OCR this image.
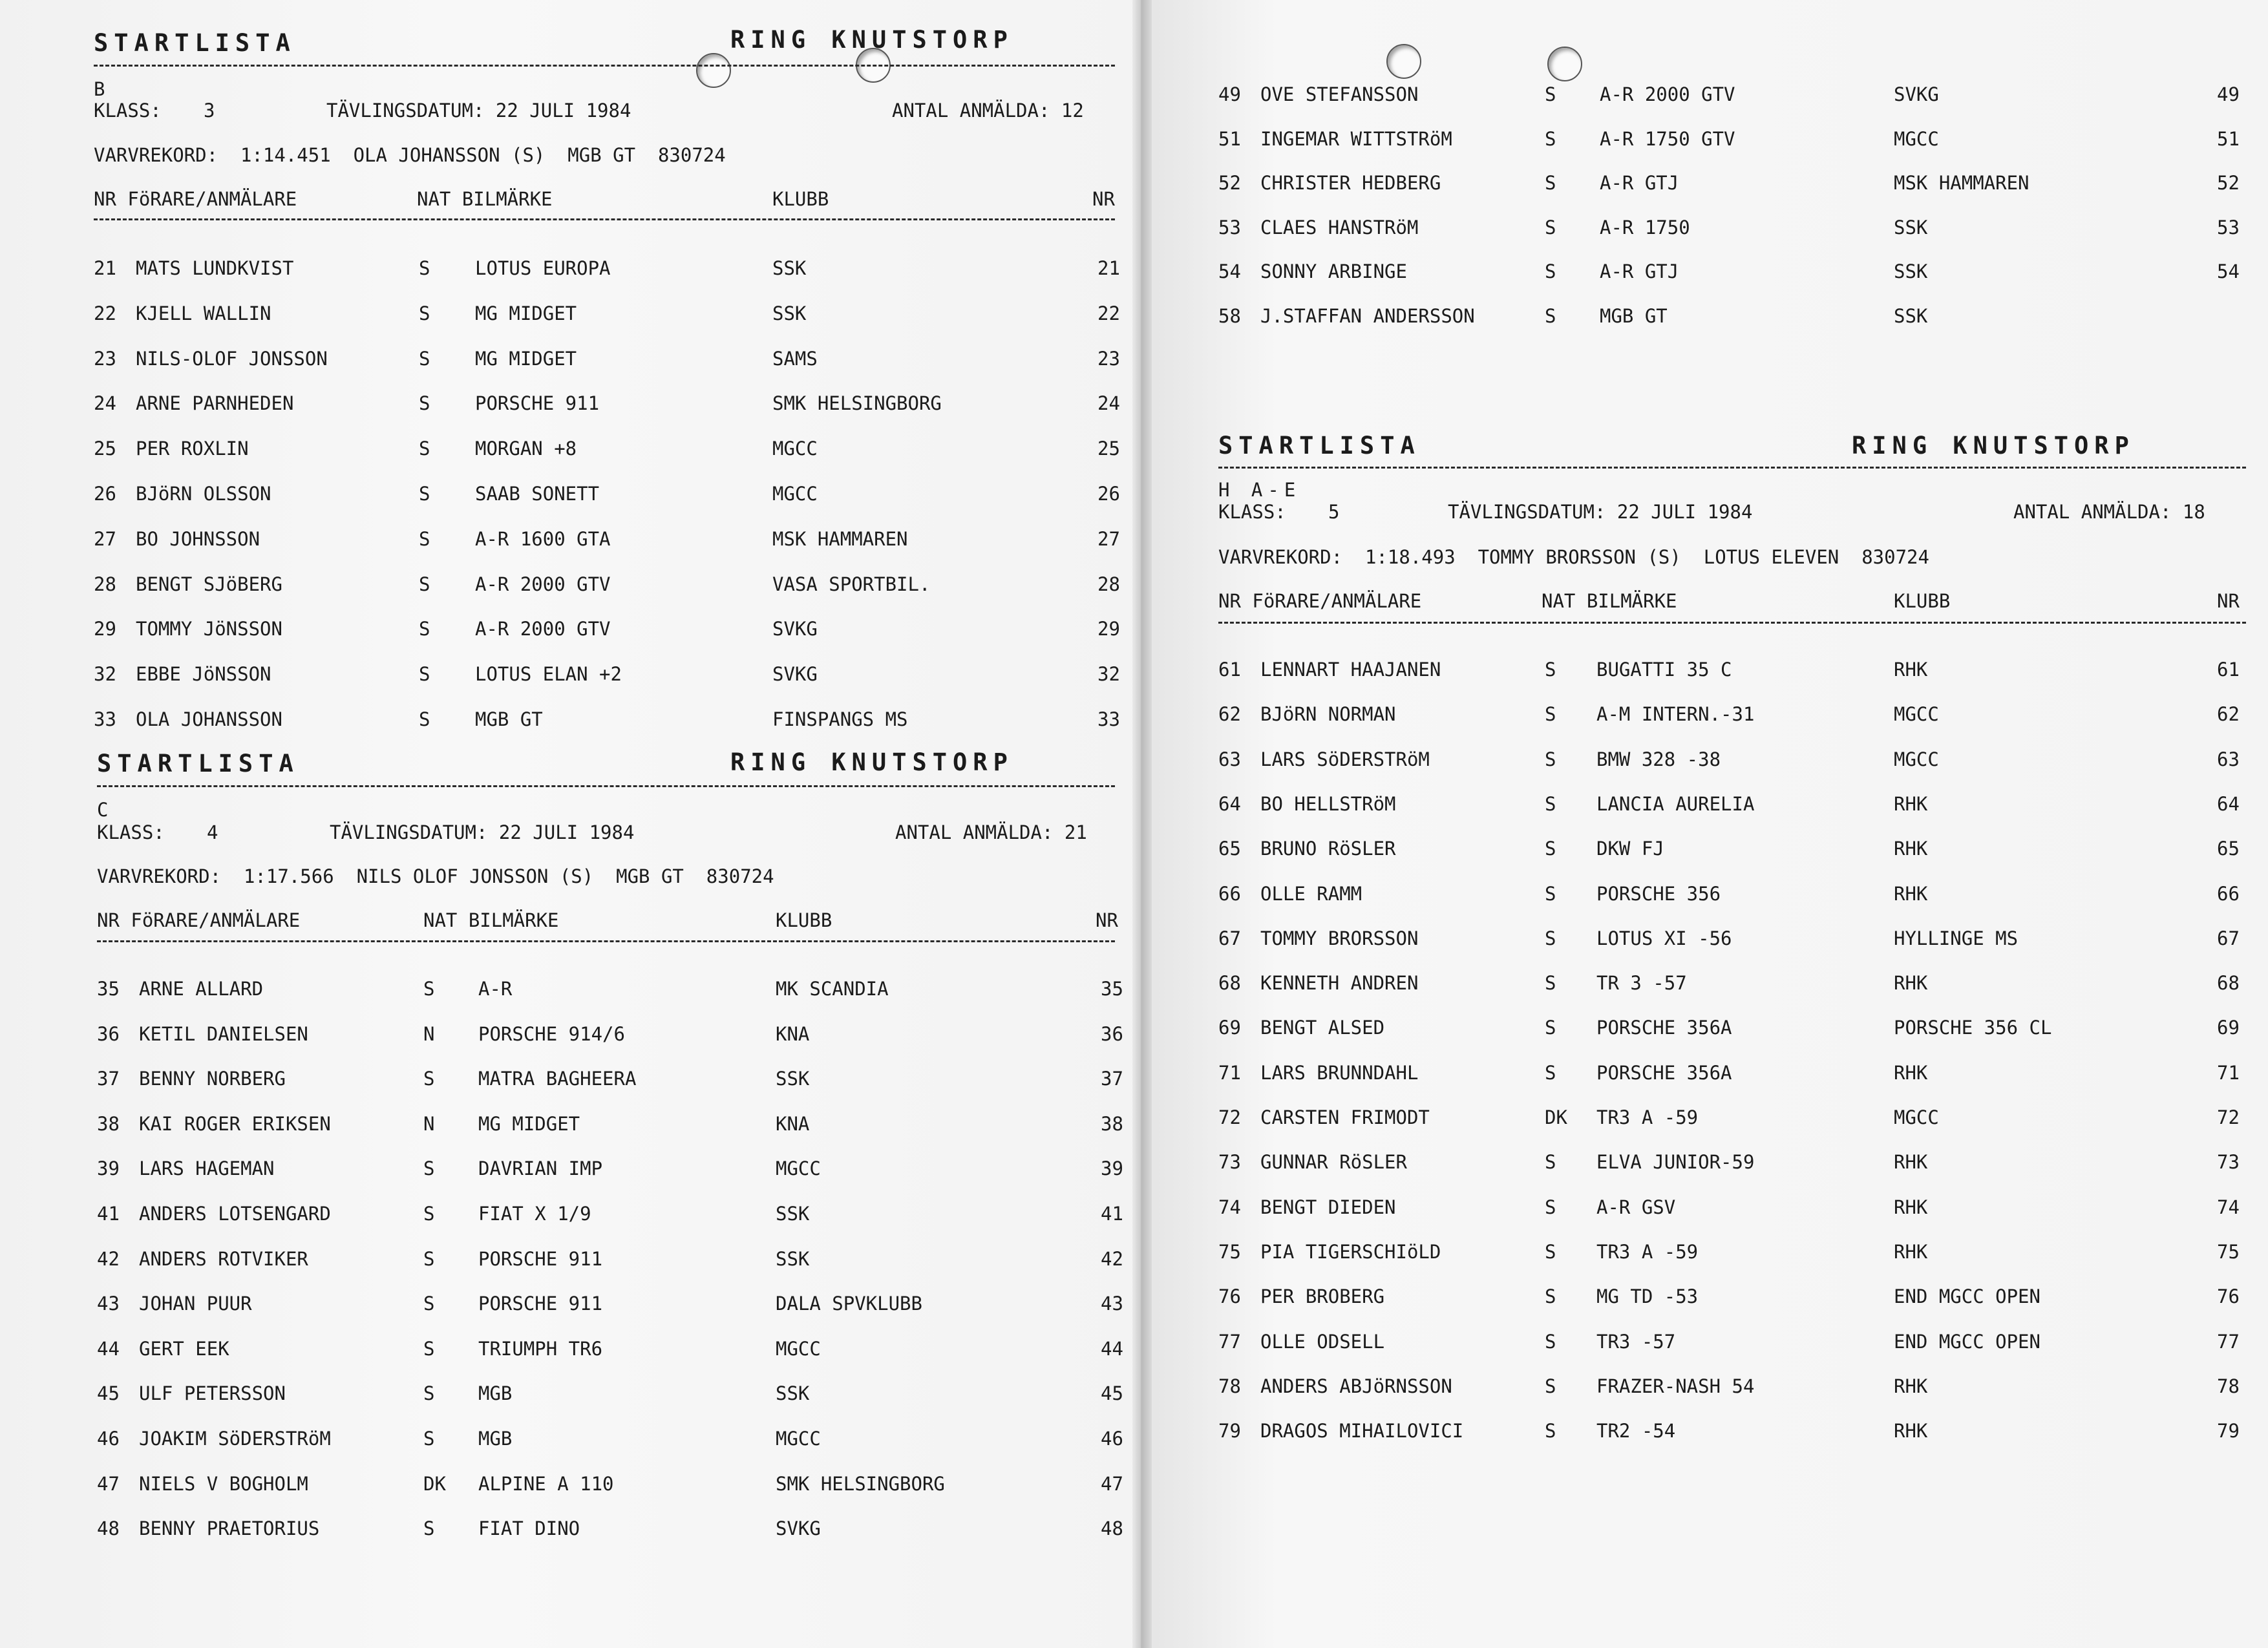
STARTLISTA	RING KNUTSTORP
B
KLASS: 3	TÄVLINGSDATUM: 22 JULI 1984	ANTAL ANMÄLDA: 12
VARVREKORD:  1:14.451  OLA JOHANSSON (S)  MGB GT  830724
NR FöRARE/ANMÄLARE	NAT BILMÄRKE	KLUBB	NR
21 MATS LUNDKVIST	S LOTUS EUROPA	SSK	21
22 KJELL WALLIN	S MG MIDGET	SSK	22
23 NILS-OLOF JONSSON	S MG MIDGET	SAMS	23
24 ARNE PARNHEDEN	S PORSCHE 911	SMK HELSINGBORG	24
25 PER ROXLIN	S MORGAN +8	MGCC	25
26 BJöRN OLSSON	S SAAB SONETT	MGCC	26
27 BO JOHNSSON	S A-R 1600 GTA	MSK HAMMAREN	27
28 BENGT SJöBERG	S A-R 2000 GTV	VASA SPORTBIL.	28
29 TOMMY JöNSSON	S A-R 2000 GTV	SVKG	29
32 EBBE JöNSSON	S LOTUS ELAN +2	SVKG	32
33 OLA JOHANSSON	S MGB GT	FINSPANGS MS	33
STARTLISTA	RING KNUTSTORP
C
KLASS: 4	TÄVLINGSDATUM: 22 JULI 1984	ANTAL ANMÄLDA: 21
VARVREKORD:  1:17.566  NILS OLOF JONSSON (S)  MGB GT  830724
NR FöRARE/ANMÄLARE	NAT BILMÄRKE	KLUBB	NR
35 ARNE ALLARD	S A-R	MK SCANDIA	35
36 KETIL DANIELSEN	N PORSCHE 914/6	KNA	36
37 BENNY NORBERG	S MATRA BAGHEERA	SSK	37
38 KAI ROGER ERIKSEN	N MG MIDGET	KNA	38
39 LARS HAGEMAN	S DAVRIAN IMP	MGCC	39
41 ANDERS LOTSENGARD	S FIAT X 1/9	SSK	41
42 ANDERS ROTVIKER	S PORSCHE 911	SSK	42
43 JOHAN PUUR	S PORSCHE 911	DALA SPVKLUBB	43
44 GERT EEK	S TRIUMPH TR6	MGCC	44
45 ULF PETERSSON	S MGB	SSK	45
46 JOAKIM SöDERSTRöM	S MGB	MGCC	46
47 NIELS V BOGHOLM	DK ALPINE A 110	SMK HELSINGBORG	47
48 BENNY PRAETORIUS	S FIAT DINO	SVKG	48
49 OVE STEFANSSON	S A-R 2000 GTV	SVKG	49
51 INGEMAR WITTSTRöM	S A-R 1750 GTV	MGCC	51
52 CHRISTER HEDBERG	S A-R GTJ	MSK HAMMAREN	52
53 CLAES HANSTRöM	S A-R 1750	SSK	53
54 SONNY ARBINGE	S A-R GTJ	SSK	54
58 J.STAFFAN ANDERSSON	S MGB GT	SSK
STARTLISTA	RING KNUTSTORP
H A-E
KLASS: 5	TÄVLINGSDATUM: 22 JULI 1984	ANTAL ANMÄLDA: 18
VARVREKORD:  1:18.493  TOMMY BRORSSON (S)  LOTUS ELEVEN  830724
NR FöRARE/ANMÄLARE	NAT BILMÄRKE	KLUBB	NR
61 LENNART HAAJANEN	S BUGATTI 35 C	RHK	61
62 BJöRN NORMAN	S A-M INTERN.-31	MGCC	62
63 LARS SöDERSTRöM	S BMW 328 -38	MGCC	63
64 BO HELLSTRöM	S LANCIA AURELIA	RHK	64
65 BRUNO RöSLER	S DKW FJ	RHK	65
66 OLLE RAMM	S PORSCHE 356	RHK	66
67 TOMMY BRORSSON	S LOTUS XI -56	HYLLINGE MS	67
68 KENNETH ANDREN	S TR 3 -57	RHK	68
69 BENGT ALSED	S PORSCHE 356A	PORSCHE 356 CL	69
71 LARS BRUNNDAHL	S PORSCHE 356A	RHK	71
72 CARSTEN FRIMODT	DK TR3 A -59	MGCC	72
73 GUNNAR RöSLER	S ELVA JUNIOR-59	RHK	73
74 BENGT DIEDEN	S A-R GSV	RHK	74
75 PIA TIGERSCHIöLD	S TR3 A -59	RHK	75
76 PER BROBERG	S MG TD -53	END MGCC OPEN	76
77 OLLE ODSELL	S TR3 -57	END MGCC OPEN	77
78 ANDERS ABJöRNSSON	S FRAZER-NASH 54	RHK	78
79 DRAGOS MIHAILOVICI	S TR2 -54	RHK	79
